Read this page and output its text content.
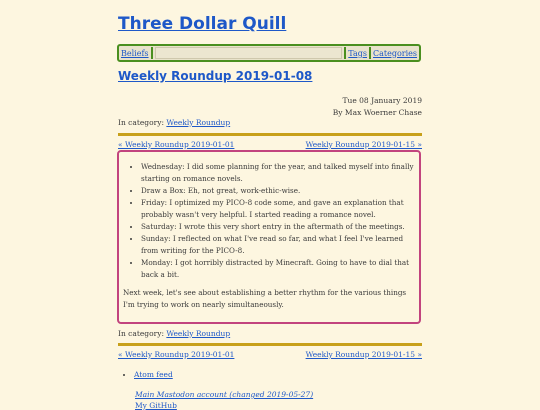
Three Dollar Quill
Beliefs	Tags Categories
Weekly Roundup 2019-01-08
Tue 08 January 2019
By Max Woerner Chase
In category: Weekly Roundup
« Weekly Roundup 2019-01-01	Weekly Roundup 2019-01-15 »
• Wednesday: I did some planning for the year, and talked myself into finally starting on romance novels.
• Draw a Box: Eh, not great, work-ethic-wise.
• Friday: I optimized my PICO-8 code some, and gave an explanation that probably wasn't very helpful. I started reading a romance novel.
• Saturday: I wrote this very short entry in the aftermath of the meetings.
• Sunday: I reflected on what I've read so far, and what I feel I've learned from writing for the PICO-8.
• Monday: I got horribly distracted by Minecraft. Going to have to dial that back a bit.

Next week, let's see about establishing a better rhythm for the various things I'm trying to work on nearly simultaneously.

In category: Weekly Roundup
« Weekly Roundup 2019-01-01	Weekly Roundup 2019-01-15 »
• Atom feed
Main Mastodon account (changed 2019-05-27)
My GitHub
